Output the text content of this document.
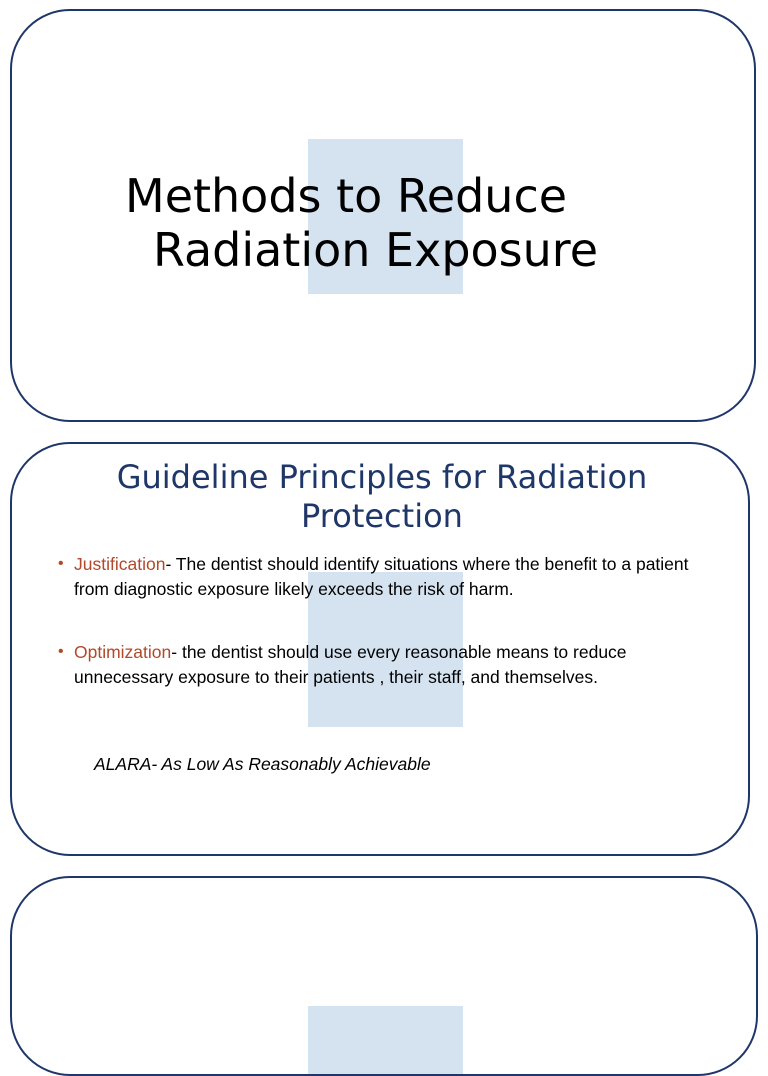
Methods to Reduce
Radiation Exposure
Guideline Principles for Radiation
Protection
• Justification- The dentist should identify situations where the benefit to a patient from diagnostic exposure likely exceeds the risk of harm.
• Optimization- the dentist should use every reasonable means to reduce unnecessary exposure to their patients , their staff, and themselves.

ALARA- As Low As Reasonably Achievable
